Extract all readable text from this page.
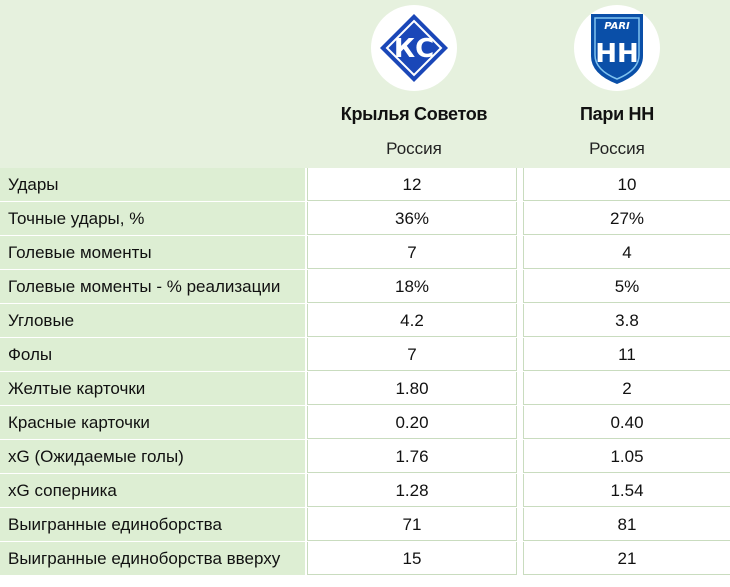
КС
Крылья Советов
Россия
PARI
НН
Пари НН
Россия
Удары	12	10
Точные удары, %	36%	27%
Голевые моменты	7	4
Голевые моменты - % реализации	18%	5%
Угловые	4.2	3.8
Фолы	7	11
Желтые карточки	1.80	2
Красные карточки	0.20	0.40
xG (Ожидаемые голы)	1.76	1.05
xG соперника	1.28	1.54
Выигранные единоборства	71	81
Выигранные единоборства вверху	15	21
